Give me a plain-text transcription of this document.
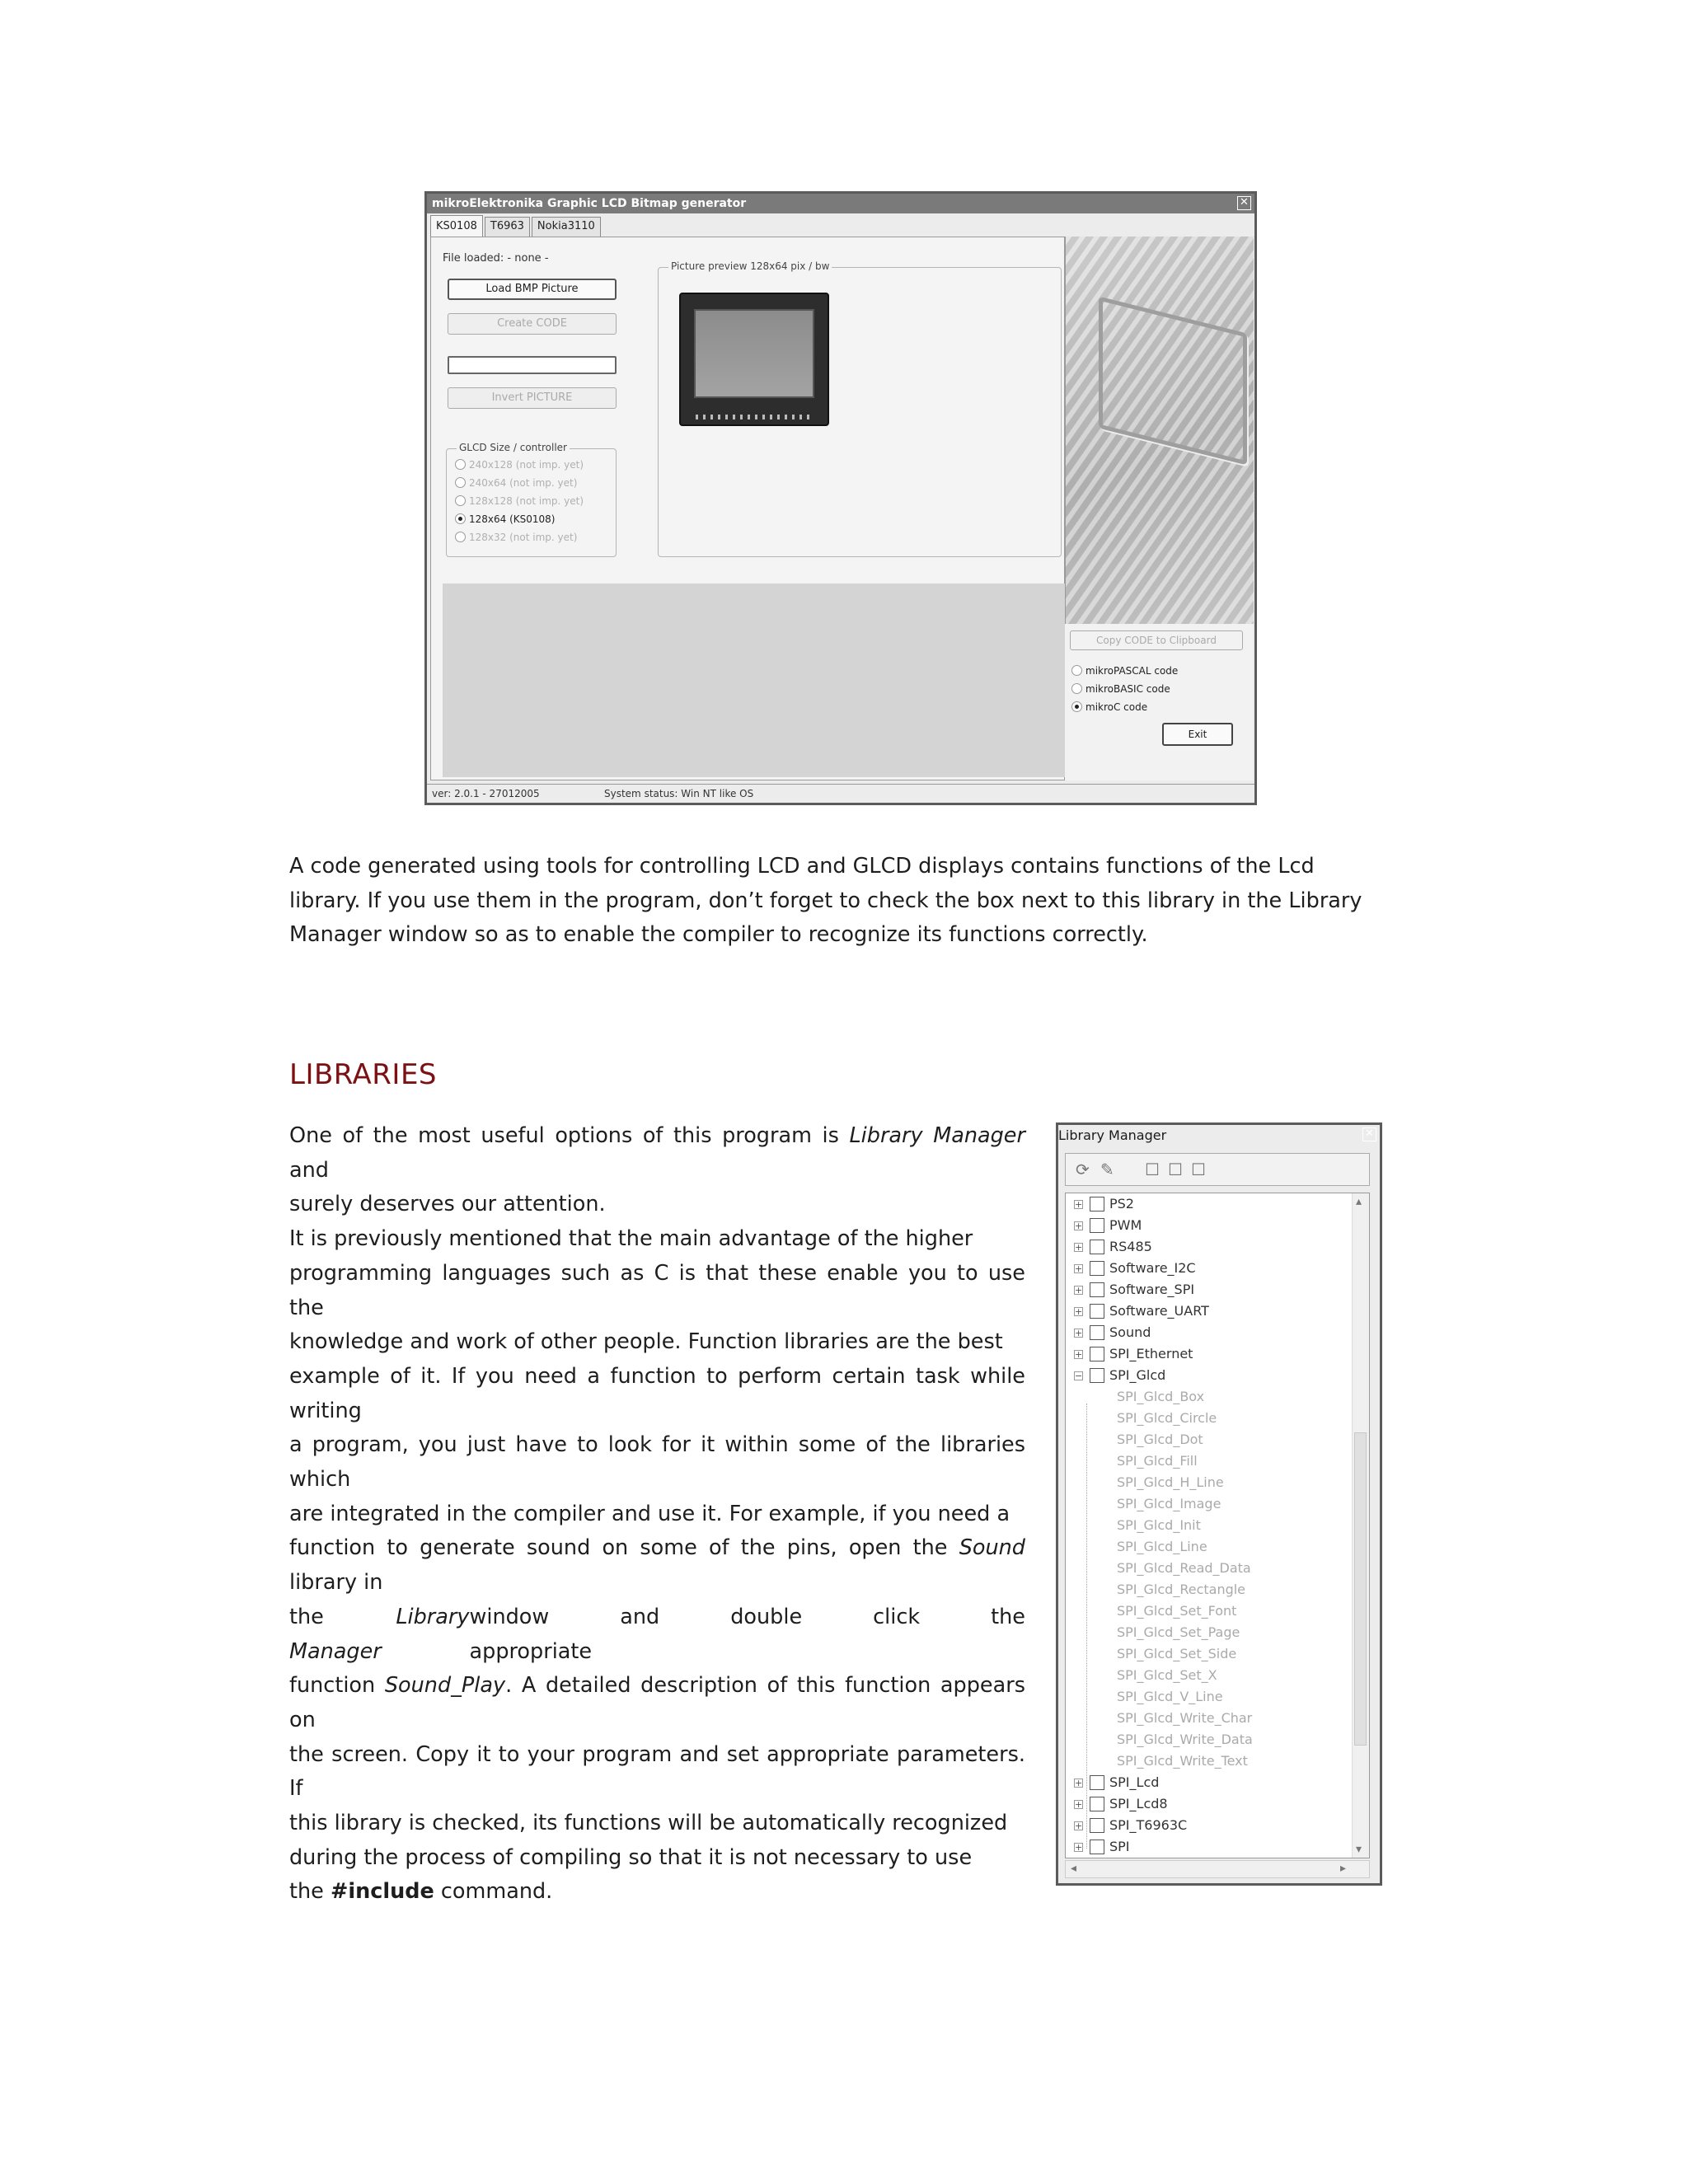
mikroElektronika Graphic LCD Bitmap generator	✕
KS0108	T6963	Nokia3110
File loaded: - none -
Load BMP Picture
Create CODE
Invert PICTURE
GLCD Size / controller
240x128 (not imp. yet)
240x64 (not imp. yet)
128x128 (not imp. yet)
128x64 (KS0108)
128x32 (not imp. yet)
Picture preview 128x64 pix / bw
Copy CODE to Clipboard
mikroPASCAL code
mikroBASIC code
mikroC code
Exit
ver: 2.0.1 - 27012005	System status: Win NT like OS

A code generated using tools for controlling LCD and GLCD displays contains functions of the Lcd library. If you use them in the program, don’t forget to check the box next to this library in the Library Manager window so as to enable the compiler to recognize its functions correctly.

LIBRARIES
One of the most useful options of this program is Library Manager and
surely deserves our attention.
It is previously mentioned that the main advantage of the higher
programming languages such as C is that these enable you to use the
knowledge and work of other people. Function libraries are the best
example of it. If you need a function to perform certain task while writing
a program, you just have to look for it within some of the libraries which
are integrated in the compiler and use it. For example, if you need a
function to generate sound on some of the pins, open the Sound library in
the Library Manager
window and double click the appropriate
function Sound_Play. A detailed description of this function appears on
the screen. Copy it to your program and set appropriate parameters. If
this library is checked, its functions will be automatically recognized
during the process of compiling so that it is not necessary to use
the #include command.
Library Manager	✕
⟳ ✎ ☐ ☐ ☐
+ PS2
+ PWM
+ RS485
+ Software_I2C
+ Software_SPI
+ Software_UART
+ Sound
+ SPI_Ethernet
− SPI_Glcd
SPI_Glcd_Box
SPI_Glcd_Circle
SPI_Glcd_Dot
SPI_Glcd_Fill
SPI_Glcd_H_Line
SPI_Glcd_Image
SPI_Glcd_Init
SPI_Glcd_Line
SPI_Glcd_Read_Data
SPI_Glcd_Rectangle
SPI_Glcd_Set_Font
SPI_Glcd_Set_Page
SPI_Glcd_Set_Side
SPI_Glcd_Set_X
SPI_Glcd_V_Line
SPI_Glcd_Write_Char
SPI_Glcd_Write_Data
SPI_Glcd_Write_Text
+ SPI_Lcd
+ SPI_Lcd8
+ SPI_T6963C
+ SPI
▴
▾
◂	▸
